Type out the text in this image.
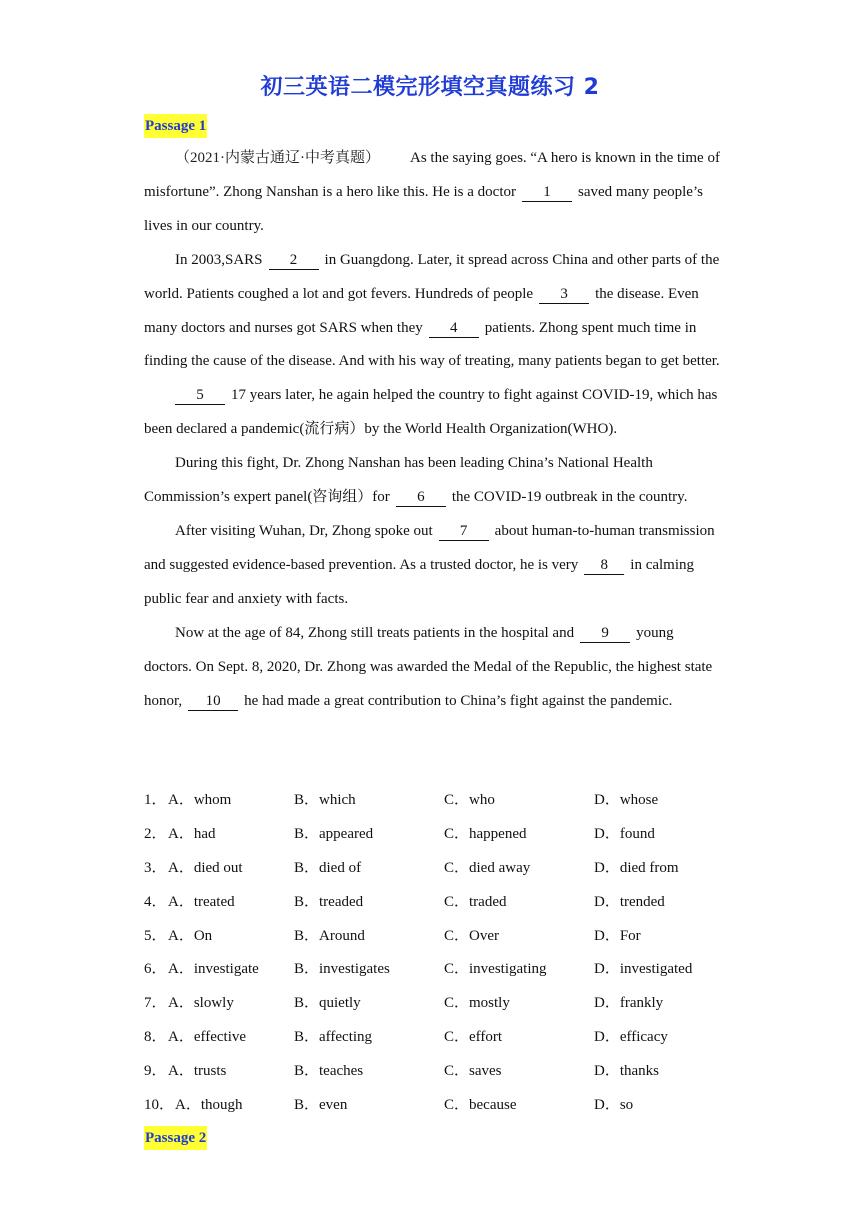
初三英语二模完形填空真题练习 2
Passage 1

（2021·内蒙古通辽·中考真题）   As the saying goes. “A hero is known in the time of misfortune”. Zhong Nanshan is a hero like this. He is a doctor 1 saved many people’s lives in our country.

In 2003,SARS 2 in Guangdong. Later, it spread across China and other parts of the world. Patients coughed a lot and got fevers. Hundreds of people 3 the disease. Even many doctors and nurses got SARS when they 4 patients. Zhong spent much time in finding the cause of the disease. And with his way of treating, many patients began to get better.

5 17 years later, he again helped the country to fight against COVID-19, which has been declared a pandemic(流行病）by the World Health Organization(WHO).

During this fight, Dr. Zhong Nanshan has been leading China’s National Health Commission’s expert panel(咨询组）for 6 the COVID-19 outbreak in the country.

After visiting Wuhan, Dr, Zhong spoke out 7 about human-to-human transmission and suggested evidence-based prevention. As a trusted doctor, he is very 8 in calming public fear and anxiety with facts.

Now at the age of 84, Zhong still treats patients in the hospital and 9 young doctors. On Sept. 8, 2020, Dr. Zhong was awarded the Medal of the Republic, the highest state honor, 10 he had made a great contribution to China’s fight against the pandemic.

1． A．whom	B．which	C．who	D．whose
2． A．had	B．appeared	C．happened	D．found
3． A．died out	B．died of	C．died away	D．died from
4． A．treated	B．treaded	C．traded	D．trended
5． A．On	B．Around	C．Over	D．For
6． A．investigate B．investigates	C．investigating	D．investigated
7． A．slowly	B．quietly	C．mostly	D．frankly
8． A．effective	B．affecting	C．effort	D．efficacy
9． A．trusts	B．teaches	C．saves	D．thanks
10． A．though	B．even	C．because	D．so
Passage 2
